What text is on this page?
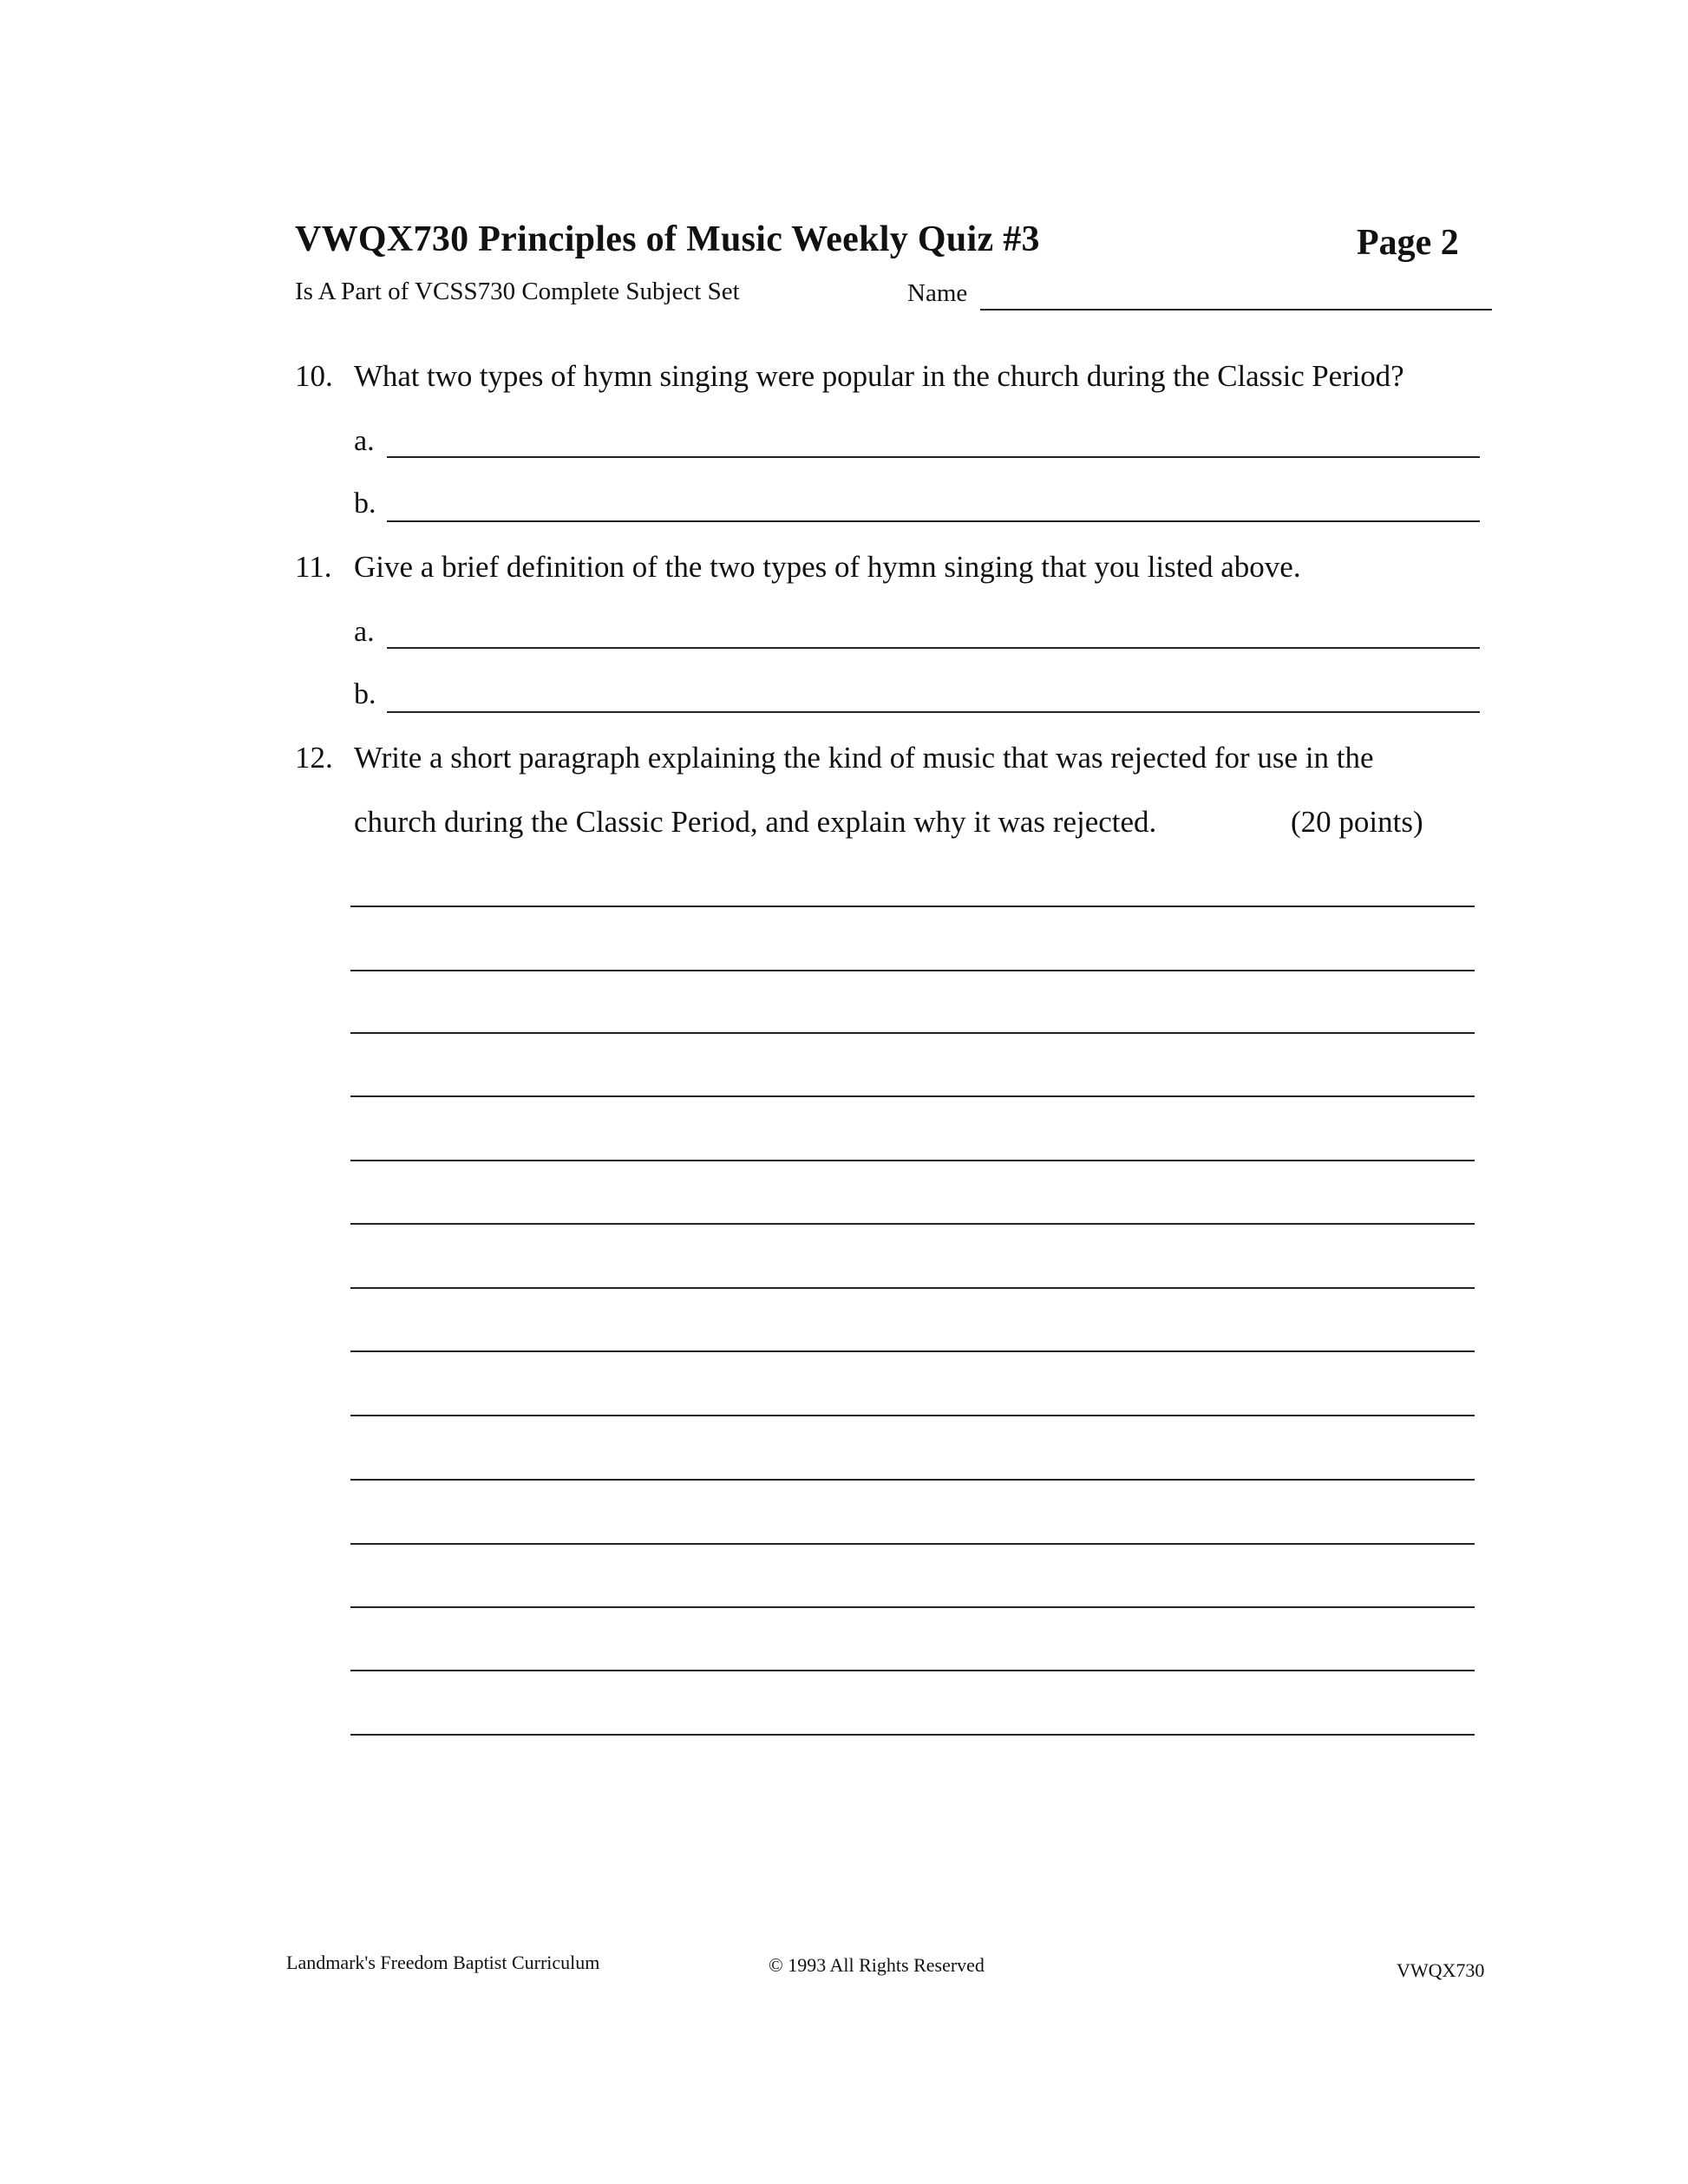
VWQX730 Principles of Music Weekly Quiz #3	Page 2
Is A Part of VCSS730 Complete Subject Set	Name
10. What two types of hymn singing were popular in the church during the Classic Period?
a.
b.
11. Give a brief definition of the two types of hymn singing that you listed above.
a.
b.
12. Write a short paragraph explaining the kind of music that was rejected for use in the
church during the Classic Period, and explain why it was rejected.	(20 points)
Landmark's Freedom Baptist Curriculum	© 1993 All Rights Reserved	VWQX730
